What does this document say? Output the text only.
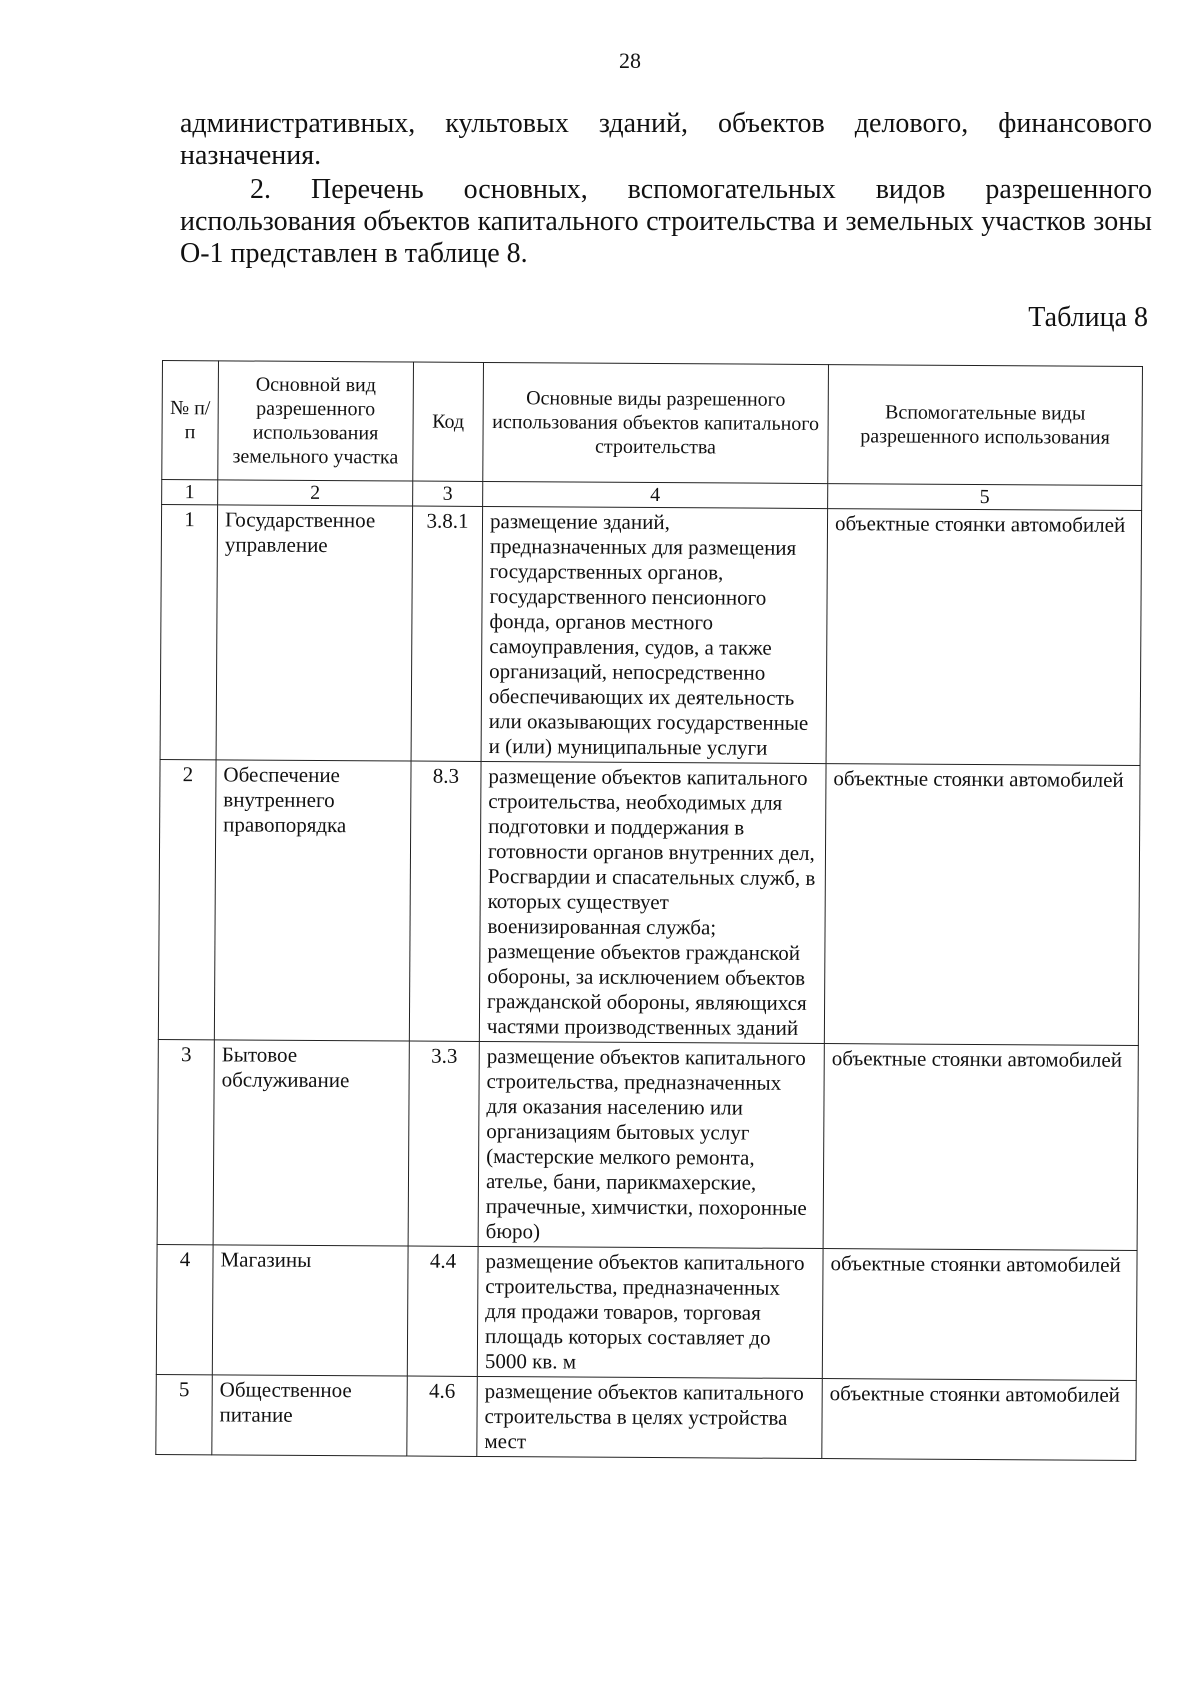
28

административных, культовых зданий, объектов делового, финансового

назначения.

2. Перечень основных, вспомогательных видов разрешенного использования объектов капитального строительства и земельных участков зоны О-1 представлен в таблице 8.

Таблица 8
№ п/п	Основной вид разрешенного использования земельного участка	Код	Основные виды разрешенного использования объектов капитального строительства	Вспомогательные виды разрешенного использования
1	2	3	4	5
1	Государственное управление	3.8.1	размещение зданий, предназначенных для размещения государственных органов, государственного пенсионного фонда, органов местного самоуправления, судов, а также организаций, непосредственно обеспечивающих их деятельность или оказывающих государственные и (или) муниципальные услуги	объектные стоянки автомобилей
2	Обеспечение внутреннего правопорядка	8.3	размещение объектов капитального строительства, необходимых для подготовки и поддержания в готовности органов внутренних дел, Росгвардии и спасательных служб, в которых существует военизированная служба; размещение объектов гражданской обороны, за исключением объектов гражданской обороны, являющихся частями производственных зданий	объектные стоянки автомобилей
3	Бытовое обслуживание	3.3	размещение объектов капитального строительства, предназначенных для оказания населению или организациям бытовых услуг (мастерские мелкого ремонта, ателье, бани, парикмахерские, прачечные, химчистки, похоронные бюро)	объектные стоянки автомобилей
4	Магазины	4.4	размещение объектов капитального строительства, предназначенных для продажи товаров, торговая площадь которых составляет до 5000 кв. м	объектные стоянки автомобилей
5	Общественное питание	4.6	размещение объектов капитального строительства в целях устройства мест	объектные стоянки автомобилей
